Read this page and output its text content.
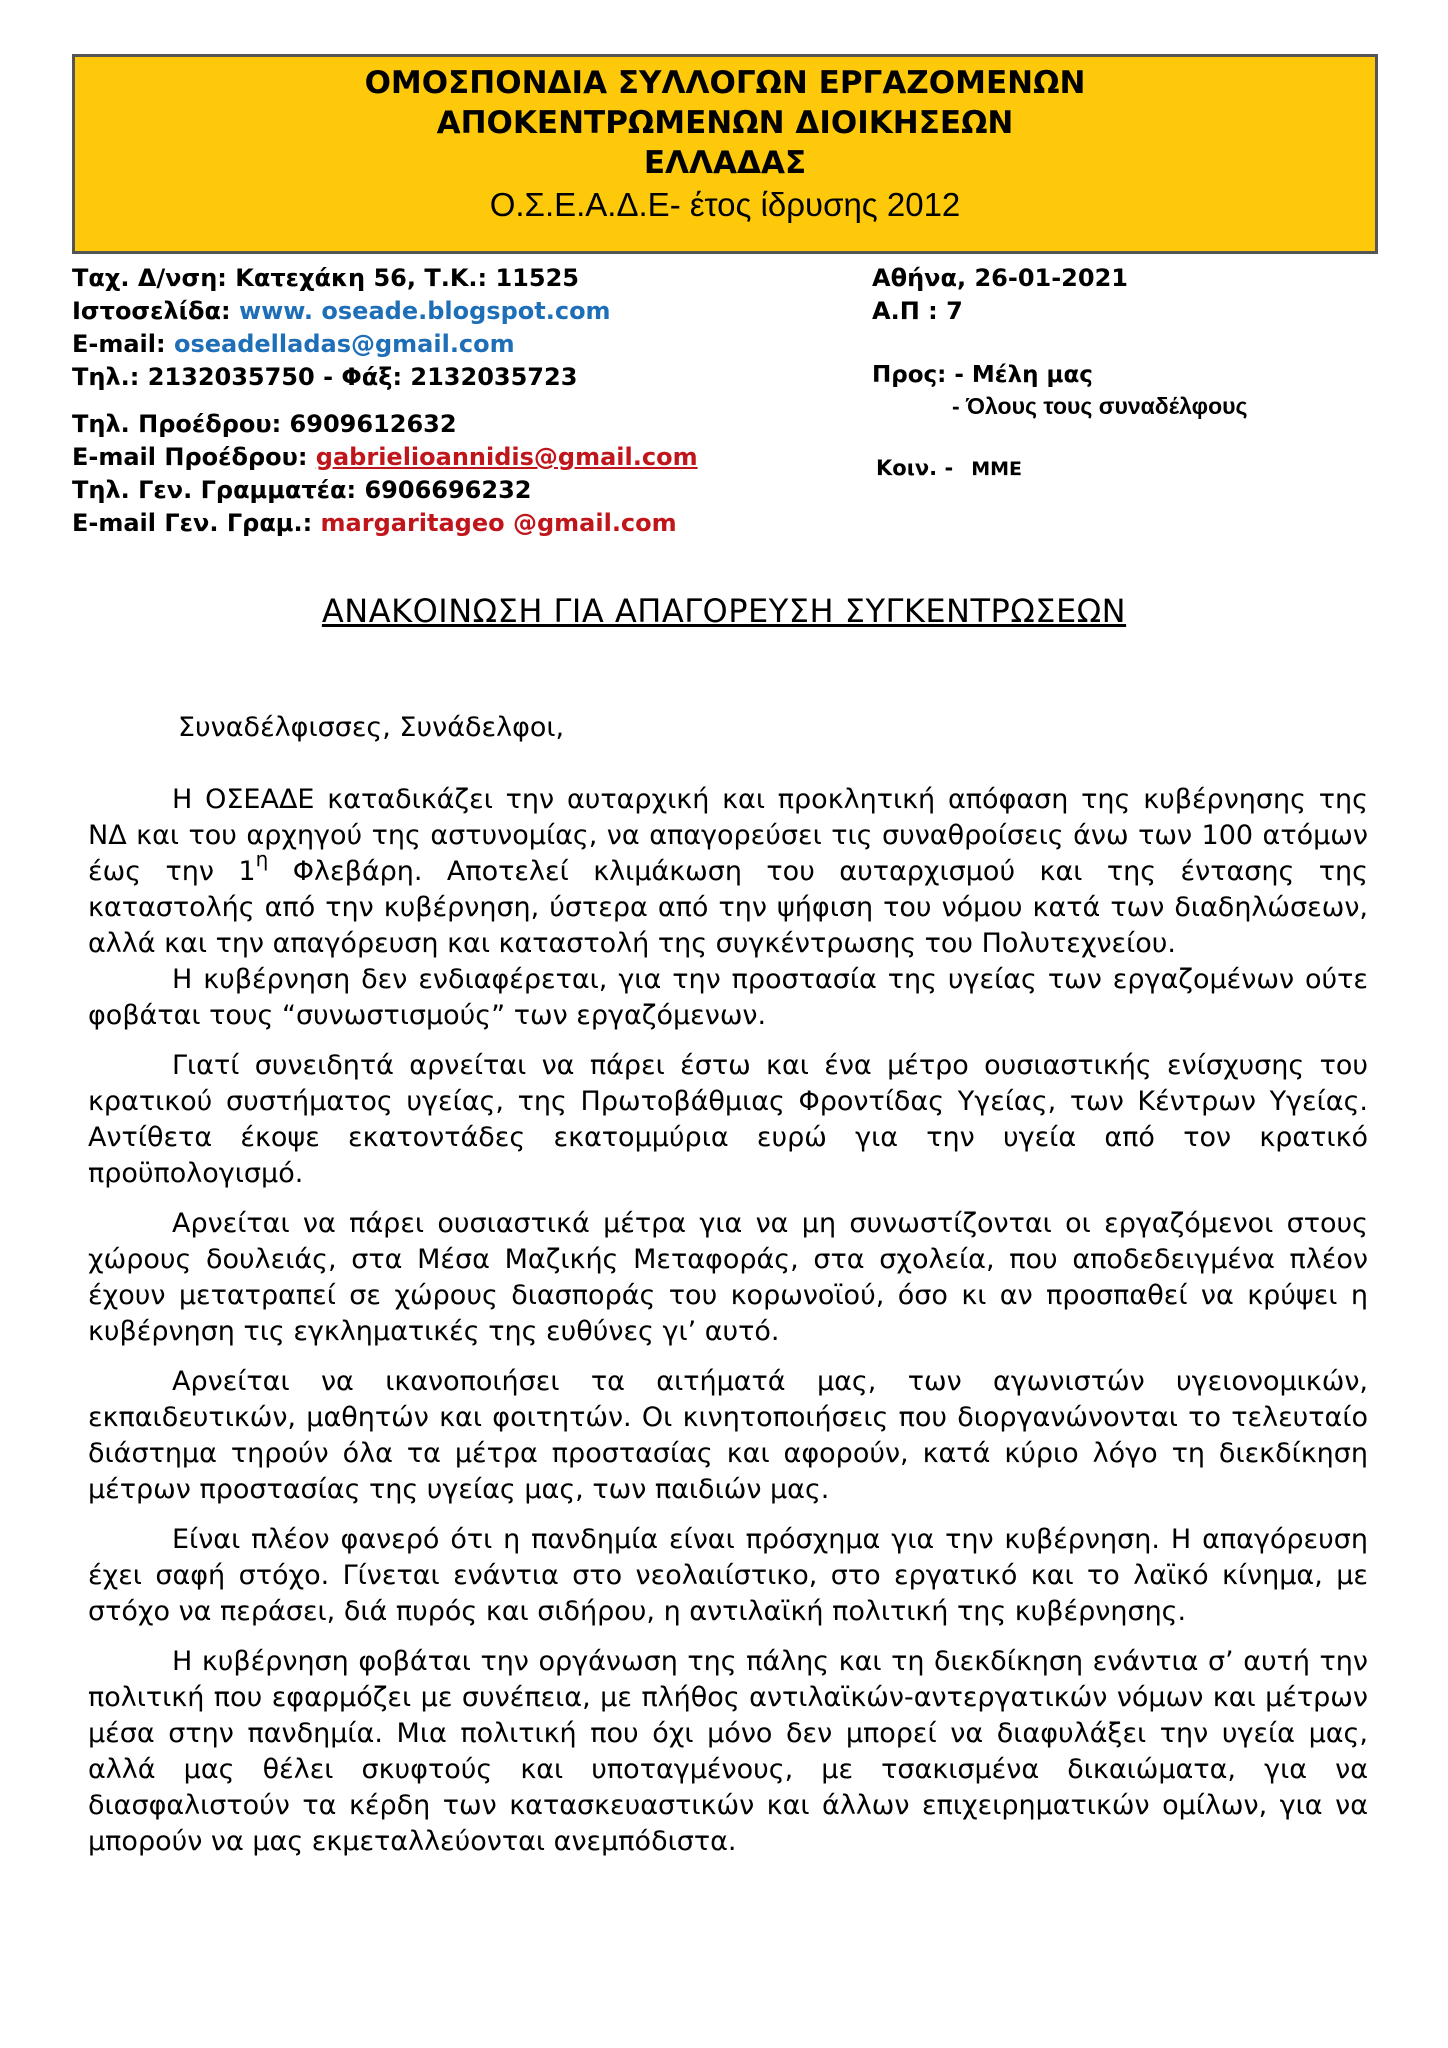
ΟΜΟΣΠΟΝΔΙΑ ΣΥΛΛΟΓΩΝ ΕΡΓΑΖΟΜΕΝΩΝ
ΑΠΟΚΕΝΤΡΩΜΕΝΩΝ ΔΙΟΙΚΗΣΕΩΝ
ΕΛΛΑΔΑΣ
Ο.Σ.Ε.Α.Δ.Ε- έτος ίδρυσης 2012
Ταχ. Δ/νση: Κατεχάκη 56, Τ.Κ.: 11525
Ιστοσελίδα: www. oseade.blogspot.com
E-mail: oseadelladas@gmail.com
Τηλ.: 2132035750 - Φάξ: 2132035723
Τηλ. Προέδρου: 6909612632
E-mail Προέδρου: gabrielioannidis@gmail.com
Τηλ. Γεν. Γραμματέα: 6906696232
E-mail Γεν. Γραμ.: margaritageo @gmail.com
Αθήνα, 26-01-2021
Α.Π : 7
Προς: - Μέλη μας
- Όλους τους συναδέλφους
Κοιν. - ΜΜΕ
ΑΝΑΚΟΙΝΩΣΗ ΓΙΑ ΑΠΑΓΟΡΕΥΣΗ ΣΥΓΚΕΝΤΡΩΣΕΩΝ
Συναδέλφισσες, Συνάδελφοι,

Η ΟΣΕΑΔΕ καταδικάζει την αυταρχική και προκλητική απόφαση της κυβέρνησης της ΝΔ και του αρχηγού της αστυνομίας, να απαγορεύσει τις συναθροίσεις άνω των 100 ατόμων έως την $1^\eta$ Φλεβάρη. Αποτελεί κλιμάκωση του αυταρχισμού και της έντασης της καταστολής από την κυβέρνηση, ύστερα από την ψήφιση του νόμου κατά των διαδηλώσεων, αλλά και την απαγόρευση και καταστολή της συγκέντρωσης του Πολυτεχνείου.

Η κυβέρνηση δεν ενδιαφέρεται, για την προστασία της υγείας των εργαζομένων ούτε φοβάται τους “συνωστισμούς” των εργαζόμενων.

Γιατί συνειδητά αρνείται να πάρει έστω και ένα μέτρο ουσιαστικής ενίσχυσης του κρατικού συστήματος υγείας, της Πρωτοβάθμιας Φροντίδας Υγείας, των Κέντρων Υγείας. Αντίθετα έκοψε εκατοντάδες εκατομμύρια ευρώ για την υγεία από τον κρατικό προϋπολογισμό.

Αρνείται να πάρει ουσιαστικά μέτρα για να μη συνωστίζονται οι εργαζόμενοι στους χώρους δουλειάς, στα Μέσα Μαζικής Μεταφοράς, στα σχολεία, που αποδεδειγμένα πλέον έχουν μετατραπεί σε χώρους διασποράς του κορωνοϊού, όσο κι αν προσπαθεί να κρύψει η κυβέρνηση τις εγκληματικές της ευθύνες γι’ αυτό.

Αρνείται να ικανοποιήσει τα αιτήματά μας, των αγωνιστών υγειονομικών, εκπαιδευτικών, μαθητών και φοιτητών. Οι κινητοποιήσεις που διοργανώνονται το τελευταίο διάστημα τηρούν όλα τα μέτρα προστασίας και αφορούν, κατά κύριο λόγο τη διεκδίκηση μέτρων προστασίας της υγείας μας, των παιδιών μας.

Είναι πλέον φανερό ότι η πανδημία είναι πρόσχημα για την κυβέρνηση. Η απαγόρευση έχει σαφή στόχο. Γίνεται ενάντια στο νεολαιίστικο, στο εργατικό και το λαϊκό κίνημα, με στόχο να περάσει, διά πυρός και σιδήρου, η αντιλαϊκή πολιτική της κυβέρνησης.

Η κυβέρνηση φοβάται την οργάνωση της πάλης και τη διεκδίκηση ενάντια σ’ αυτή την πολιτική που εφαρμόζει με συνέπεια, με πλήθος αντιλαϊκών-αντεργατικών νόμων και μέτρων μέσα στην πανδημία. Μια πολιτική που όχι μόνο δεν μπορεί να διαφυλάξει την υγεία μας, αλλά μας θέλει σκυφτούς και υποταγμένους, με τσακισμένα δικαιώματα, για να διασφαλιστούν τα κέρδη των κατασκευαστικών και άλλων επιχειρηματικών ομίλων, για να μπορούν να μας εκμεταλλεύονται ανεμπόδιστα.
